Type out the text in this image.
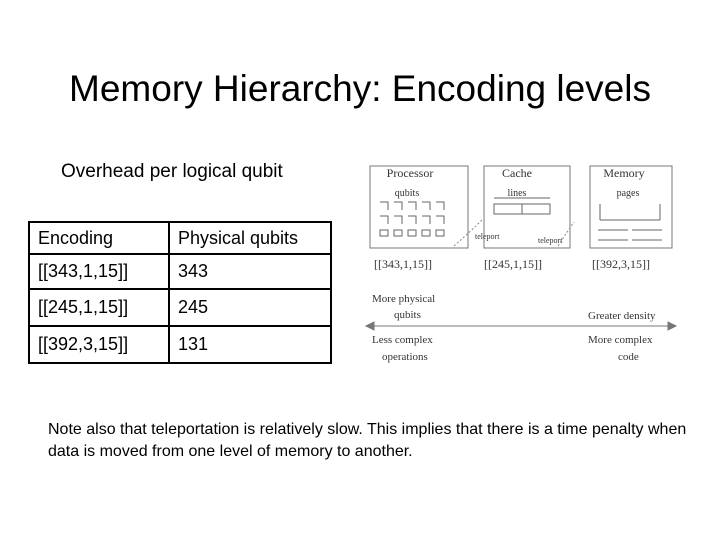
Memory Hierarchy: Encoding levels
Overhead per logical qubit
Encoding	Physical qubits
[[343,1,15]]	343
[[245,1,15]]	245
[[392,3,15]]	131
Processor
qubits
Cache
lines
Memory
pages
teleport	teleport
[[343,1,15]]	[[245,1,15]]	[[392,3,15]]
More physical
qubits	Greater density
Less complex
operations
More complex
code
Note also that teleportation is relatively slow. This implies that there is a time penalty when data is moved from one level of memory to another.
